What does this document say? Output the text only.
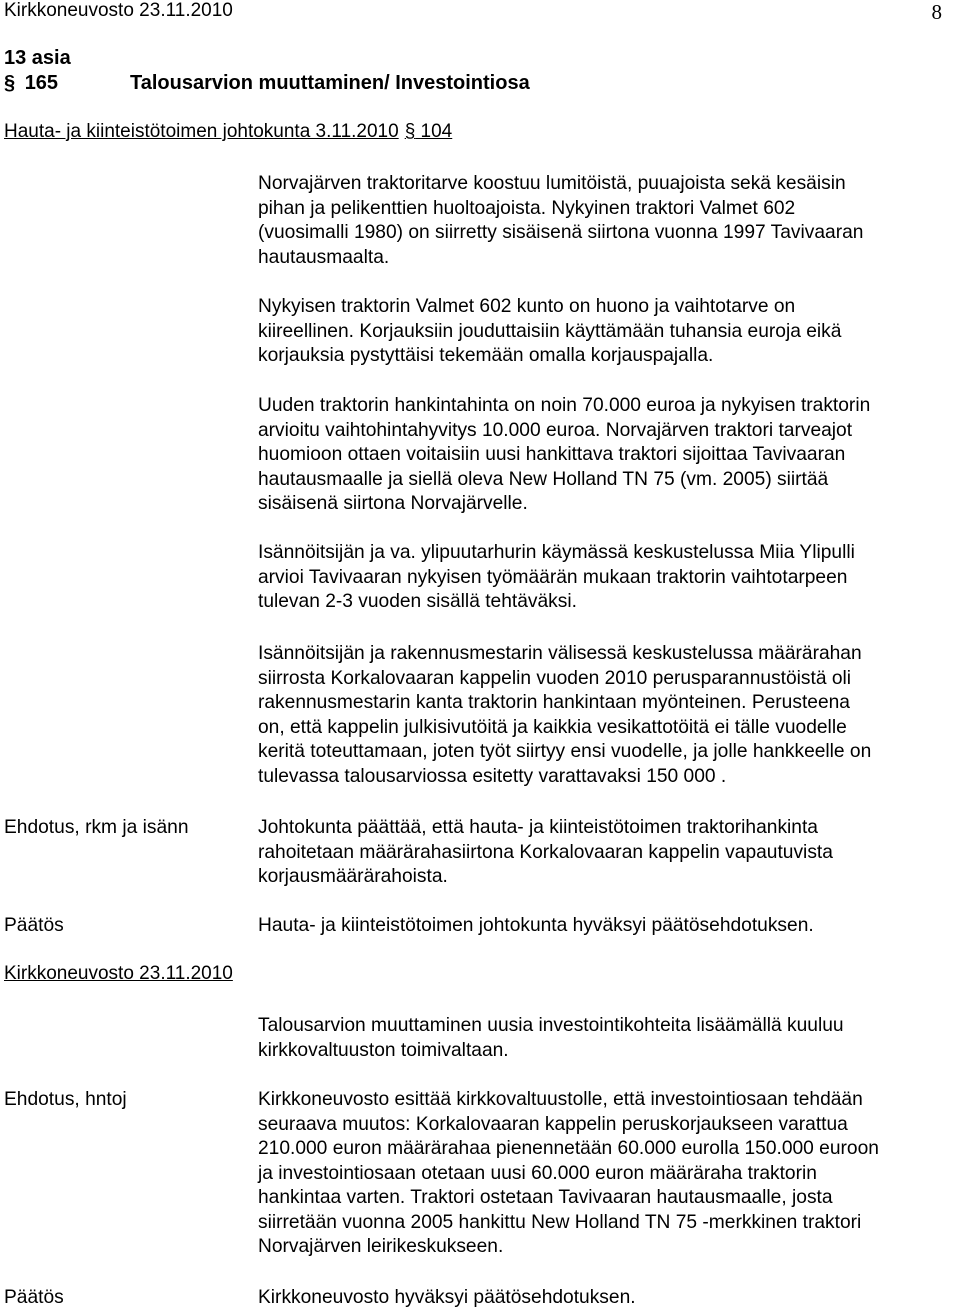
Kirkkoneuvosto 23.11.2010	8
13 asia
§ 165	Talousarvion muuttaminen/ Investointiosa
Hauta- ja kiinteistötoimen johtokunta 3.11.2010 § 104
Norvajärven traktoritarve koostuu lumitöistä, puuajoista sekä kesäisin
pihan ja pelikenttien huoltoajoista. Nykyinen traktori Valmet 602
(vuosimalli 1980) on siirretty sisäisenä siirtona vuonna 1997 Tavivaaran
hautausmaalta.
Nykyisen traktorin Valmet 602 kunto on huono ja vaihtotarve on
kiireellinen. Korjauksiin jouduttaisiin käyttämään tuhansia euroja eikä
korjauksia pystyttäisi tekemään omalla korjauspajalla.
Uuden traktorin hankintahinta on noin 70.000 euroa ja nykyisen traktorin
arvioitu vaihtohintahyvitys 10.000 euroa. Norvajärven traktori tarveajot
huomioon ottaen voitaisiin uusi hankittava traktori sijoittaa Tavivaaran
hautausmaalle ja siellä oleva New Holland TN 75 (vm. 2005) siirtää
sisäisenä siirtona Norvajärvelle.
Isännöitsijän ja va. ylipuutarhurin käymässä keskustelussa Miia Ylipulli
arvioi Tavivaaran nykyisen työmäärän mukaan traktorin vaihtotarpeen
tulevan 2-3 vuoden sisällä tehtäväksi.
Isännöitsijän ja rakennusmestarin välisessä keskustelussa määrärahan
siirrosta Korkalovaaran kappelin vuoden 2010 perusparannustöistä oli
rakennusmestarin kanta traktorin hankintaan myönteinen. Perusteena
on, että kappelin julkisivutöitä ja kaikkia vesikattotöitä ei tälle vuodelle
keritä toteuttamaan, joten työt siirtyy ensi vuodelle, ja jolle hankkeelle on
tulevassa talousarviossa esitetty varattavaksi 150 000 .
Ehdotus, rkm ja isänn	Johtokunta päättää, että hauta- ja kiinteistötoimen traktorihankinta
rahoitetaan määrärahasiirtona Korkalovaaran kappelin vapautuvista
korjausmäärärahoista.
Päätös	Hauta- ja kiinteistötoimen johtokunta hyväksyi päätösehdotuksen.
Kirkkoneuvosto 23.11.2010
Talousarvion muuttaminen uusia investointikohteita lisäämällä kuuluu
kirkkovaltuuston toimivaltaan.
Ehdotus, hntoj	Kirkkoneuvosto esittää kirkkovaltuustolle, että investointiosaan tehdään
seuraava muutos: Korkalovaaran kappelin peruskorjaukseen varattua
210.000 euron määrärahaa pienennetään 60.000 eurolla 150.000 euroon
ja investointiosaan otetaan uusi 60.000 euron määräraha traktorin
hankintaa varten. Traktori ostetaan Tavivaaran hautausmaalle, josta
siirretään vuonna 2005 hankittu New Holland TN 75 -merkkinen traktori
Norvajärven leirikeskukseen.
Päätös	Kirkkoneuvosto hyväksyi päätösehdotuksen.
